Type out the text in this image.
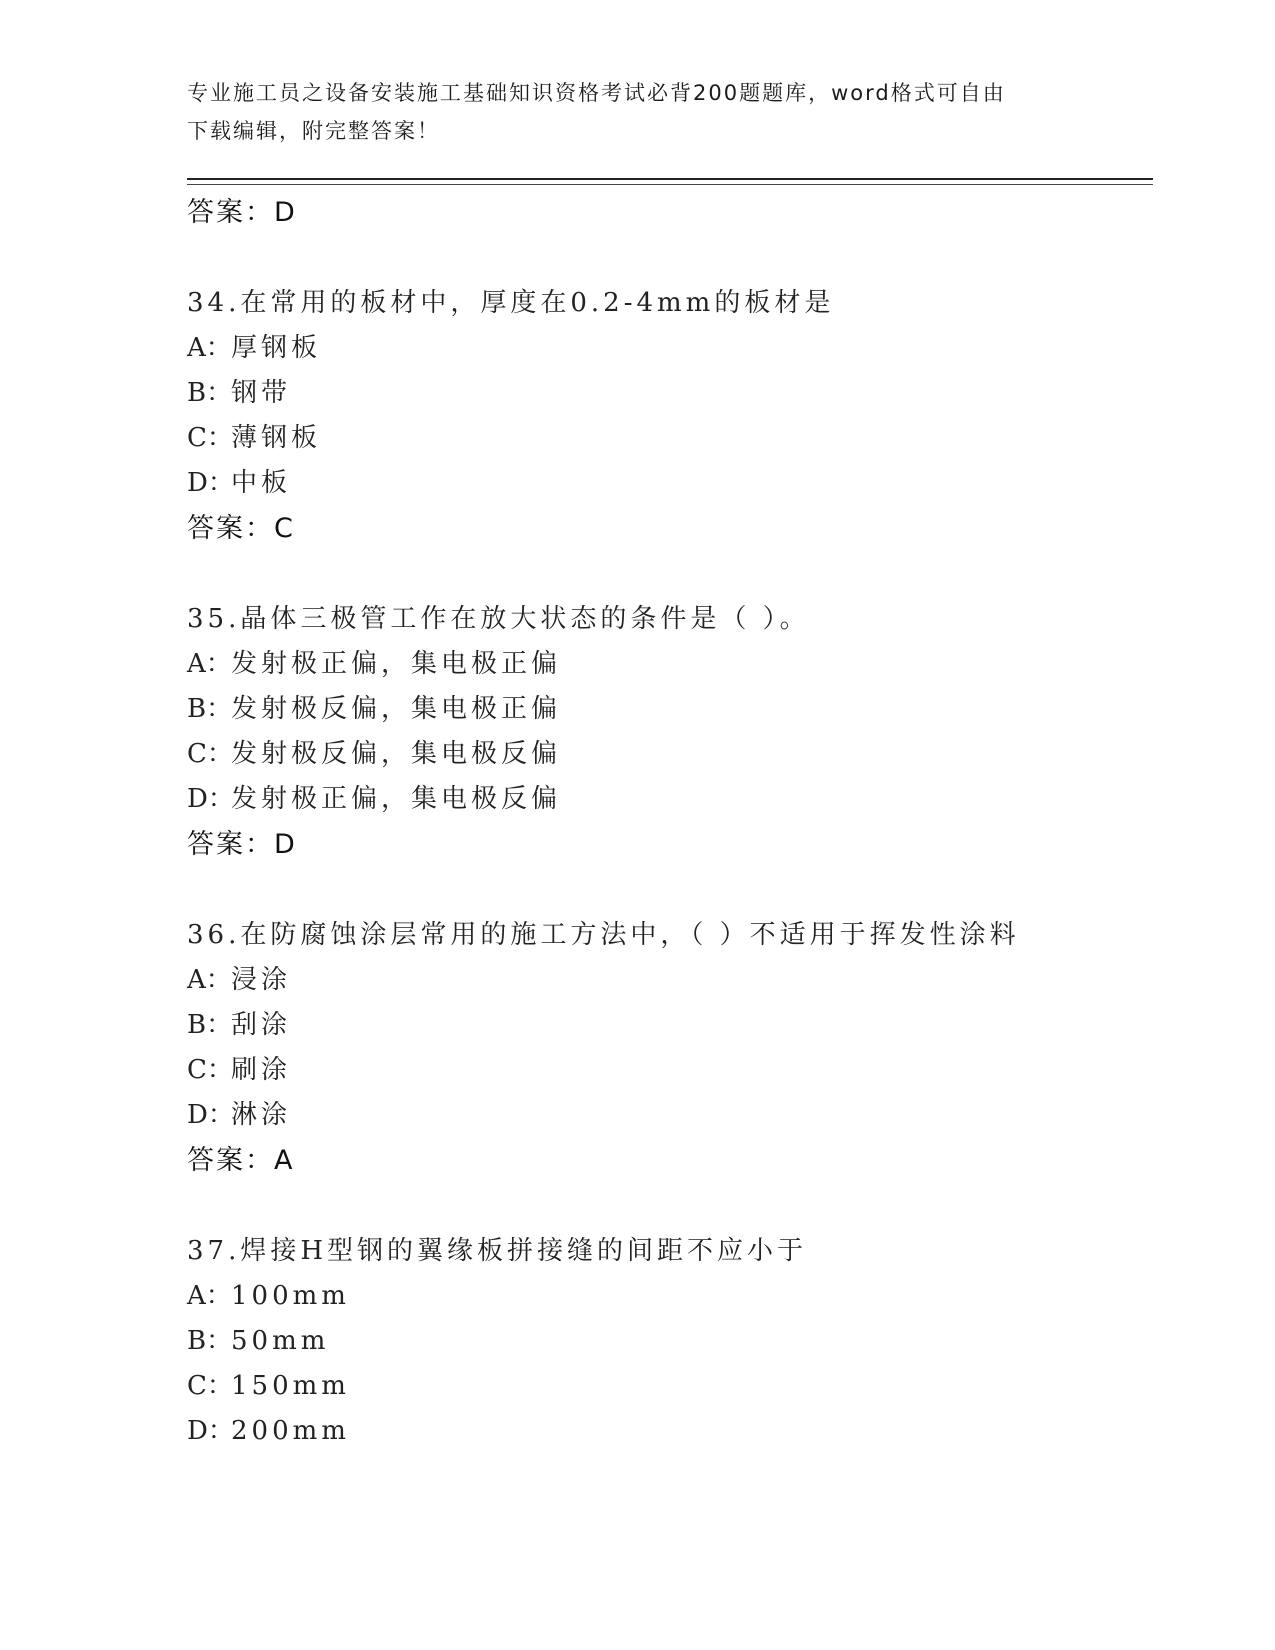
专业施工员之设备安装施工基础知识资格考试必背200题题库，word格式可自由
下载编辑，附完整答案！
答案：D
34.在常用的板材中，厚度在0.2-4mm的板材是
A：厚钢板
B：钢带
C：薄钢板
D：中板
答案：C
35.晶体三极管工作在放大状态的条件是（ ）。
A：发射极正偏，集电极正偏
B：发射极反偏，集电极正偏
C：发射极反偏，集电极反偏
D：发射极正偏，集电极反偏
答案：D
36.在防腐蚀涂层常用的施工方法中，（ ）不适用于挥发性涂料
A：浸涂
B：刮涂
C：刷涂
D：淋涂
答案：A
37.焊接H型钢的翼缘板拼接缝的间距不应小于
A：100mm
B：50mm
C：150mm
D：200mm
